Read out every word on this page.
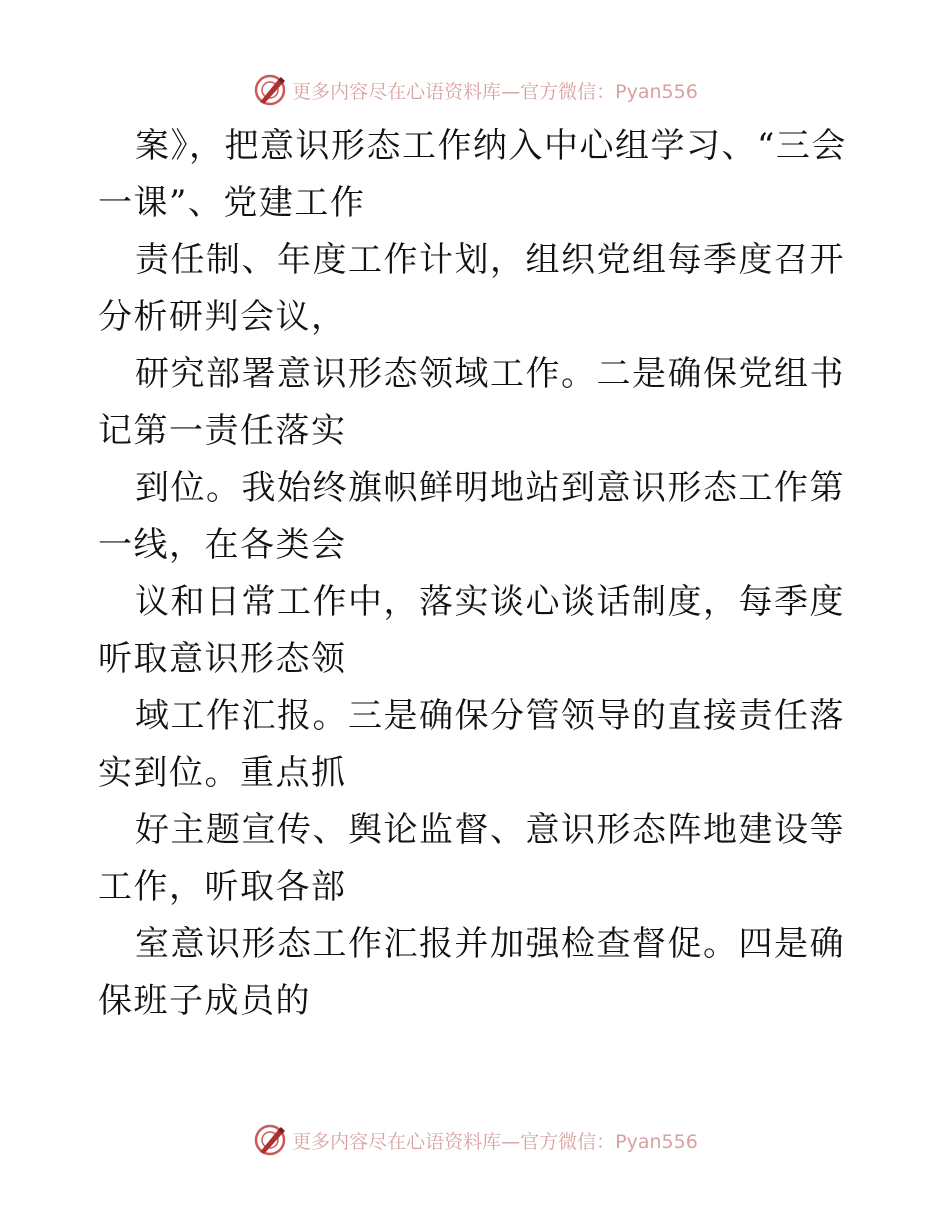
更多内容尽在心语资料库—官方微信：Pyan556

案》，把意识形态工作纳入中心组学习、“三会一课”、党建工作

责任制、年度工作计划，组织党组每季度召开分析研判会议，

研究部署意识形态领域工作。二是确保党组书记第一责任落实

到位。我始终旗帜鲜明地站到意识形态工作第一线，在各类会

议和日常工作中，落实谈心谈话制度，每季度听取意识形态领

域工作汇报。三是确保分管领导的直接责任落实到位。重点抓

好主题宣传、舆论监督、意识形态阵地建设等工作，听取各部

室意识形态工作汇报并加强检查督促。四是确保班子成员的

更多内容尽在心语资料库—官方微信：Pyan556
